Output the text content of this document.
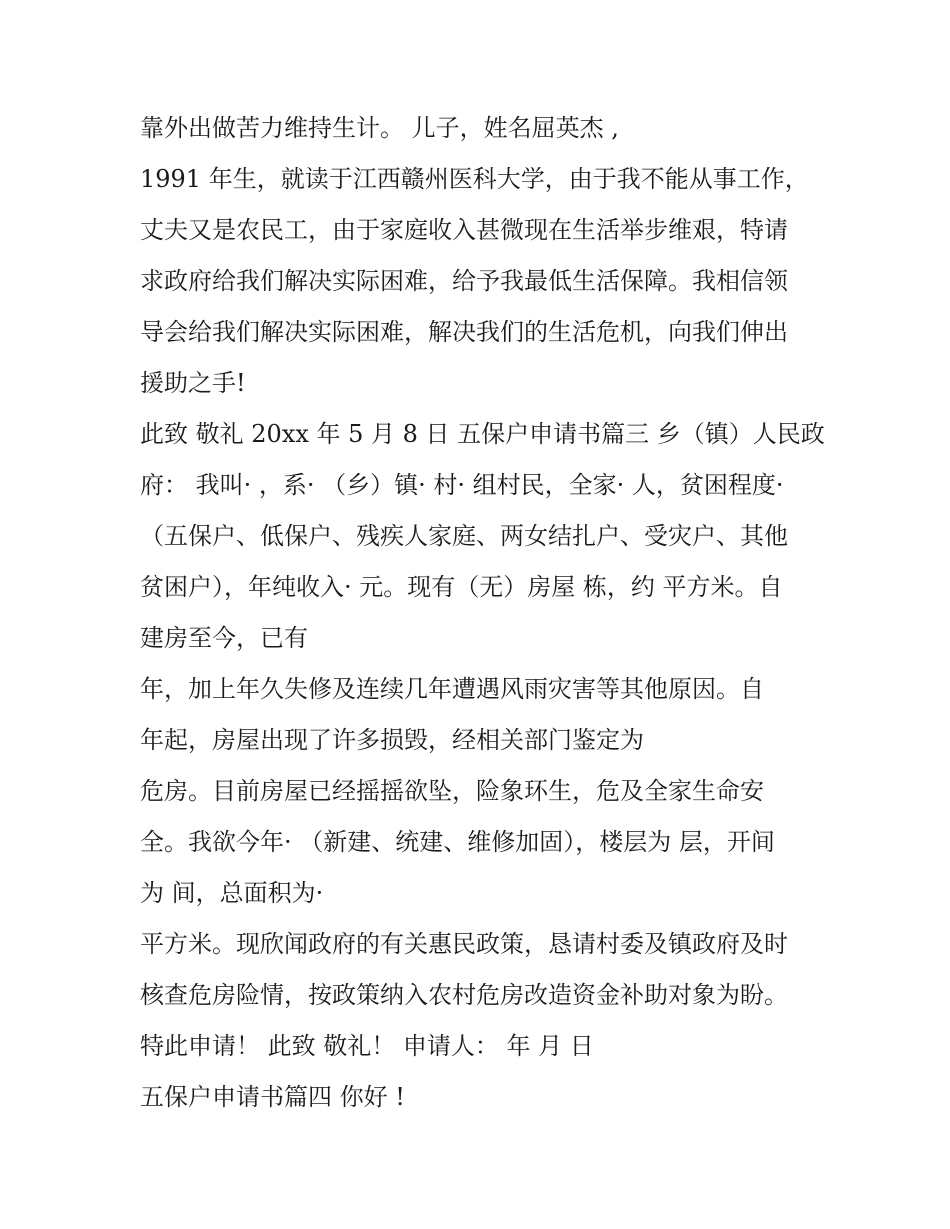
靠外出做苦力维持生计。 儿子，姓名屈英杰 ,
1991 年生，就读于江西赣州医科大学，由于我不能从事工作，
丈夫又是农民工，由于家庭收入甚微现在生活举步维艰，特请
求政府给我们解决实际困难，给予我最低生活保障。我相信领
导会给我们解决实际困难，解决我们的生活危机，向我们伸出
援助之手!
此致 敬礼 20xx 年 5 月 8 日 五保户申请书篇三 乡（镇）人民政
府： 我叫· ，系· （乡）镇· 村· 组村民，全家· 人，贫困程度·
（五保户、低保户、残疾人家庭、两女结扎户、受灾户、其他
贫困户），年纯收入· 元。现有（无）房屋 栋，约 平方米。自
建房至今，已有
年，加上年久失修及连续几年遭遇风雨灾害等其他原因。自
年起，房屋出现了许多损毁，经相关部门鉴定为
危房。目前房屋已经摇摇欲坠，险象环生，危及全家生命安
全。我欲今年· （新建、统建、维修加固），楼层为 层，开间
为 间，总面积为·
平方米。现欣闻政府的有关惠民政策，恳请村委及镇政府及时
核查危房险情，按政策纳入农村危房改造资金补助对象为盼。
特此申请！ 此致 敬礼！ 申请人： 年 月 日
五保户申请书篇四 你好 !
